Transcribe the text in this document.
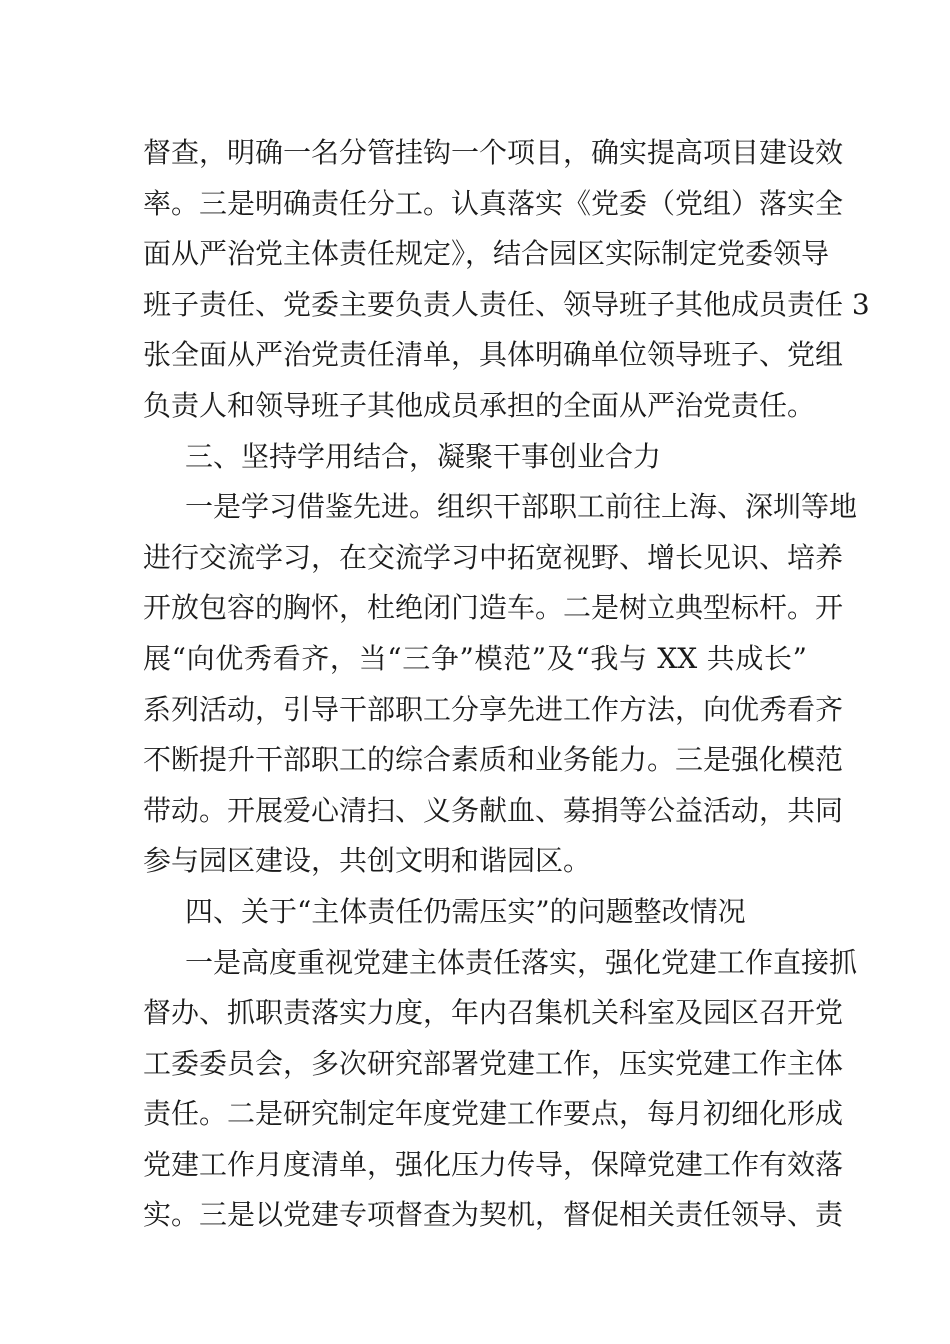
督查，明确一名分管挂钩一个项目，确实提高项目建设效
率。三是明确责任分工。认真落实《党委（党组）落实全
面从严治党主体责任规定》，结合园区实际制定党委领导
班子责任、党委主要负责人责任、领导班子其他成员责任 3
张全面从严治党责任清单，具体明确单位领导班子、党组
负责人和领导班子其他成员承担的全面从严治党责任。
三、坚持学用结合，凝聚干事创业合力
一是学习借鉴先进。组织干部职工前往上海、深圳等地
进行交流学习，在交流学习中拓宽视野、增长见识、培养
开放包容的胸怀，杜绝闭门造车。二是树立典型标杆。开
展“向优秀看齐，当“三争”模范”及“我与 XX 共成长”
系列活动，引导干部职工分享先进工作方法，向优秀看齐
不断提升干部职工的综合素质和业务能力。三是强化模范
带动。开展爱心清扫、义务献血、募捐等公益活动，共同
参与园区建设，共创文明和谐园区。
四、关于“主体责任仍需压实”的问题整改情况
一是高度重视党建主体责任落实，强化党建工作直接抓
督办、抓职责落实力度，年内召集机关科室及园区召开党
工委委员会，多次研究部署党建工作，压实党建工作主体
责任。二是研究制定年度党建工作要点，每月初细化形成
党建工作月度清单，强化压力传导，保障党建工作有效落
实。三是以党建专项督查为契机，督促相关责任领导、责
